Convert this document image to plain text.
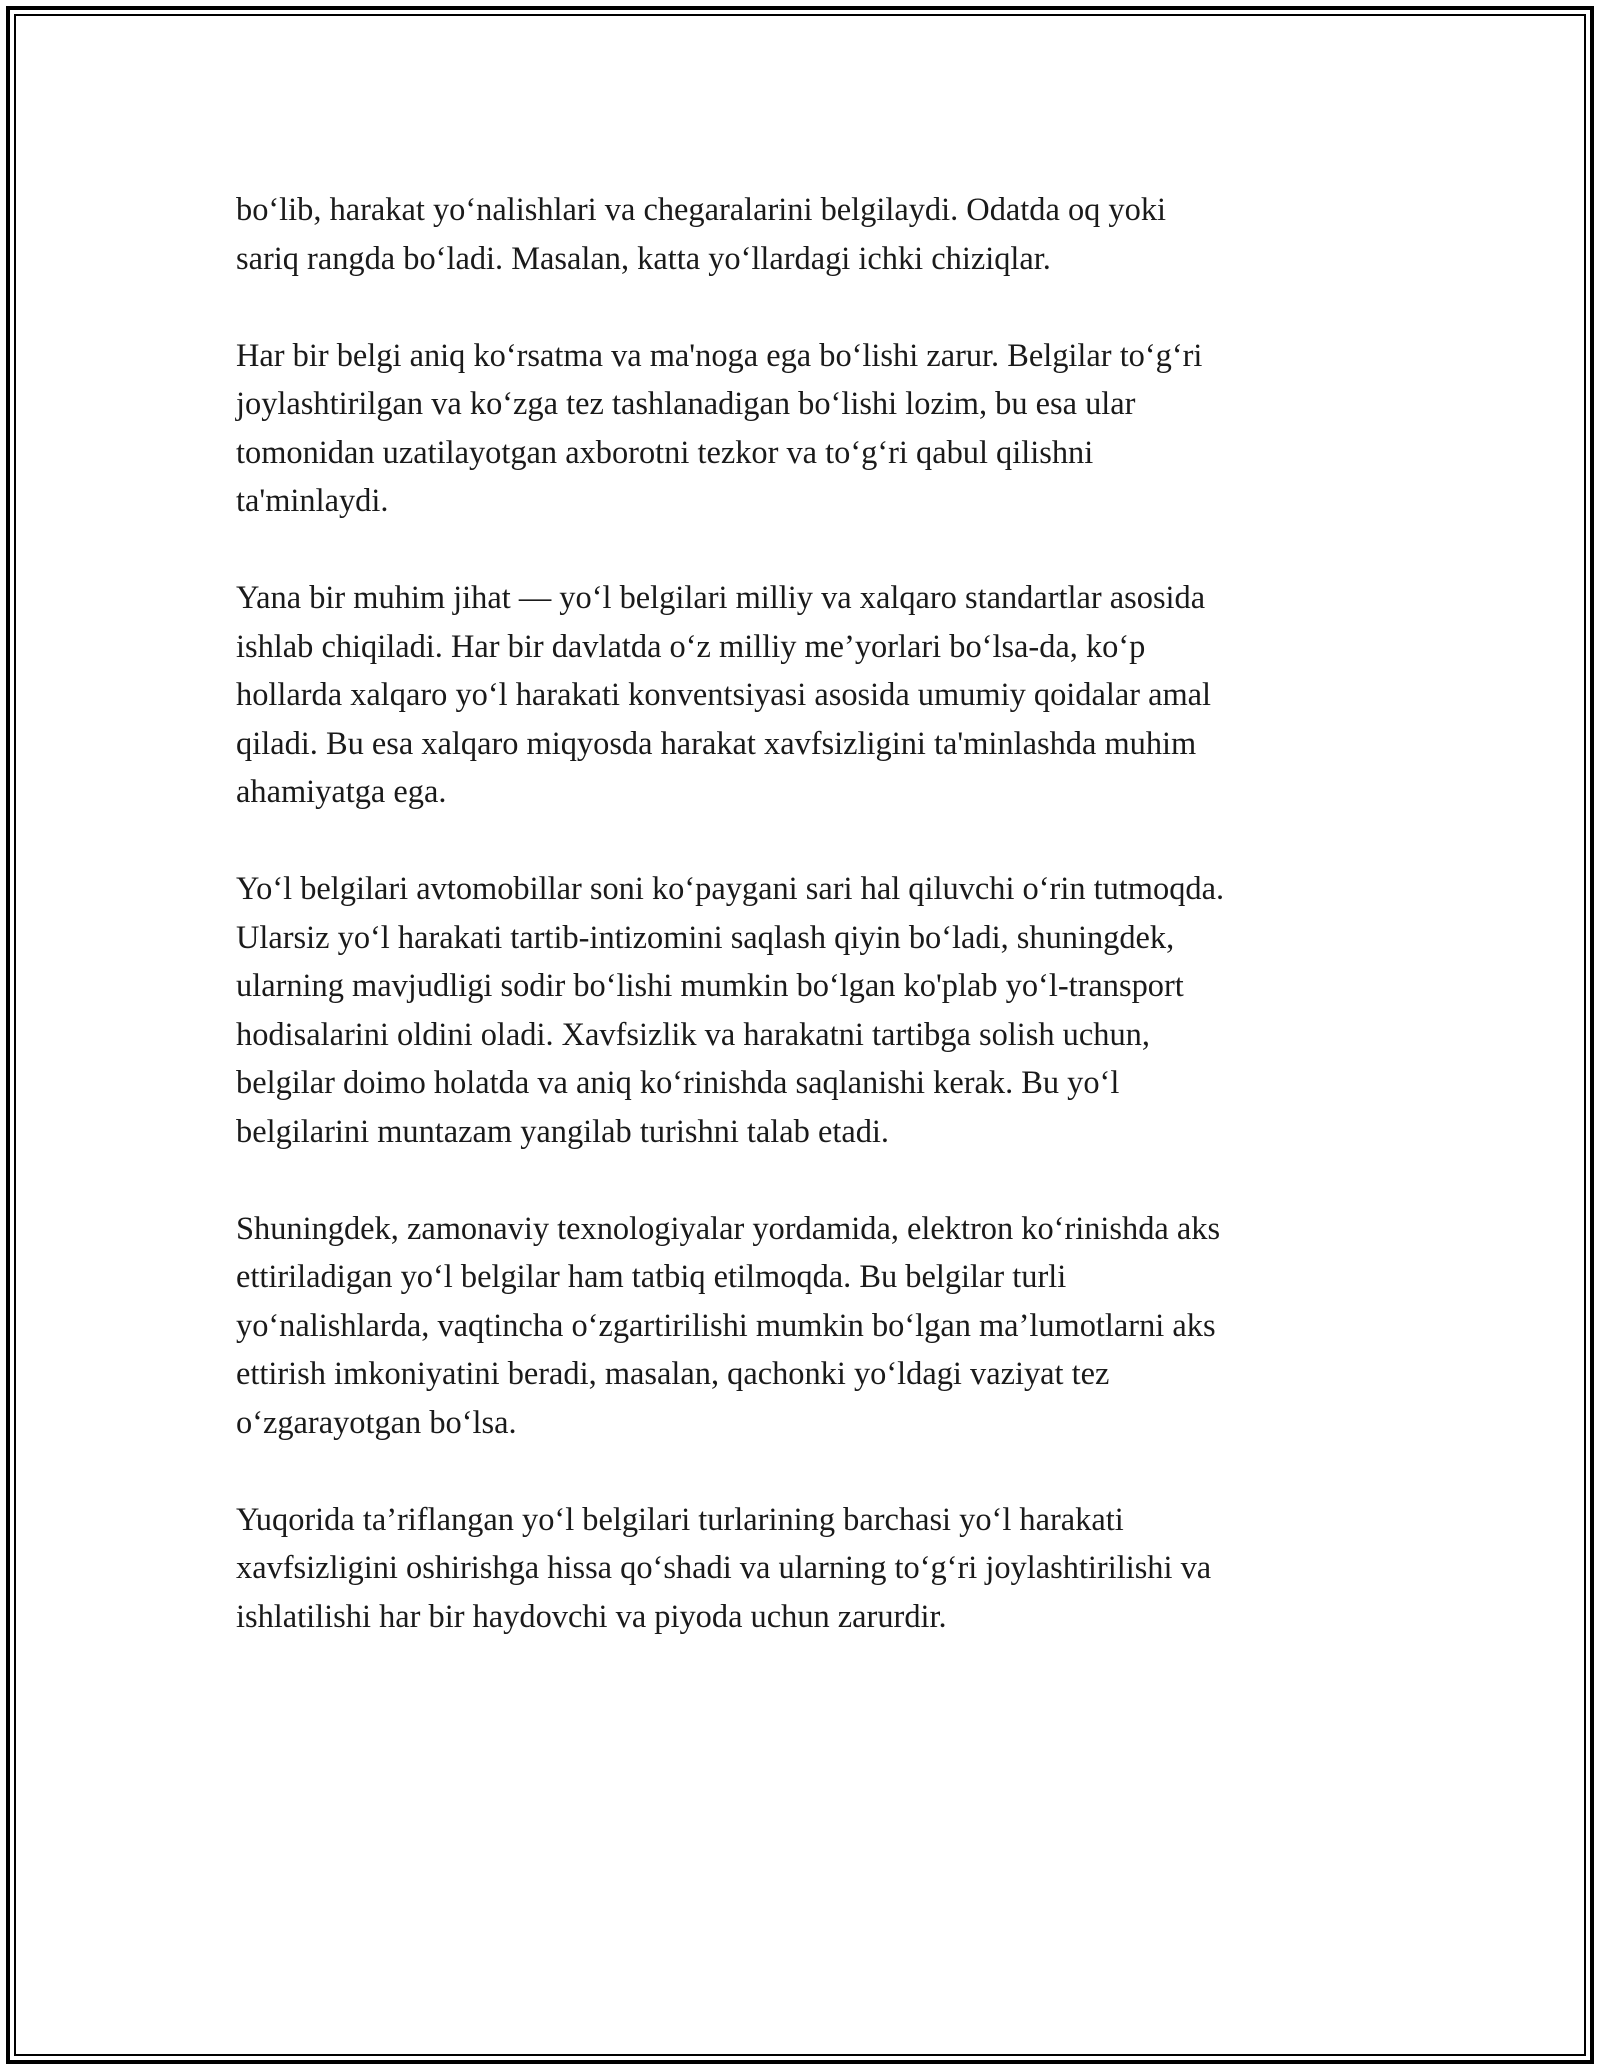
bo‘lib, harakat yo‘nalishlari va chegaralarini belgilaydi. Odatda oq yoki
sariq rangda bo‘ladi. Masalan, katta yo‘llardagi ichki chiziqlar.

Har bir belgi aniq ko‘rsatma va ma'noga ega bo‘lishi zarur. Belgilar to‘g‘ri
joylashtirilgan va ko‘zga tez tashlanadigan bo‘lishi lozim, bu esa ular
tomonidan uzatilayotgan axborotni tezkor va to‘g‘ri qabul qilishni
ta'minlaydi.

Yana bir muhim jihat — yo‘l belgilari milliy va xalqaro standartlar asosida
ishlab chiqiladi. Har bir davlatda o‘z milliy me’yorlari bo‘lsa-da, ko‘p
hollarda xalqaro yo‘l harakati konventsiyasi asosida umumiy qoidalar amal
qiladi. Bu esa xalqaro miqyosda harakat xavfsizligini ta'minlashda muhim
ahamiyatga ega.

Yo‘l belgilari avtomobillar soni ko‘paygani sari hal qiluvchi o‘rin tutmoqda.
Ularsiz yo‘l harakati tartib-intizomini saqlash qiyin bo‘ladi, shuningdek,
ularning mavjudligi sodir bo‘lishi mumkin bo‘lgan ko'plab yo‘l-transport
hodisalarini oldini oladi. Xavfsizlik va harakatni tartibga solish uchun,
belgilar doimo holatda va aniq ko‘rinishda saqlanishi kerak. Bu yo‘l
belgilarini muntazam yangilab turishni talab etadi.

Shuningdek, zamonaviy texnologiyalar yordamida, elektron ko‘rinishda aks
ettiriladigan yo‘l belgilar ham tatbiq etilmoqda. Bu belgilar turli
yo‘nalishlarda, vaqtincha o‘zgartirilishi mumkin bo‘lgan ma’lumotlarni aks
ettirish imkoniyatini beradi, masalan, qachonki yo‘ldagi vaziyat tez
o‘zgarayotgan bo‘lsa.

Yuqorida ta’riflangan yo‘l belgilari turlarining barchasi yo‘l harakati
xavfsizligini oshirishga hissa qo‘shadi va ularning to‘g‘ri joylashtirilishi va
ishlatilishi har bir haydovchi va piyoda uchun zarurdir.
